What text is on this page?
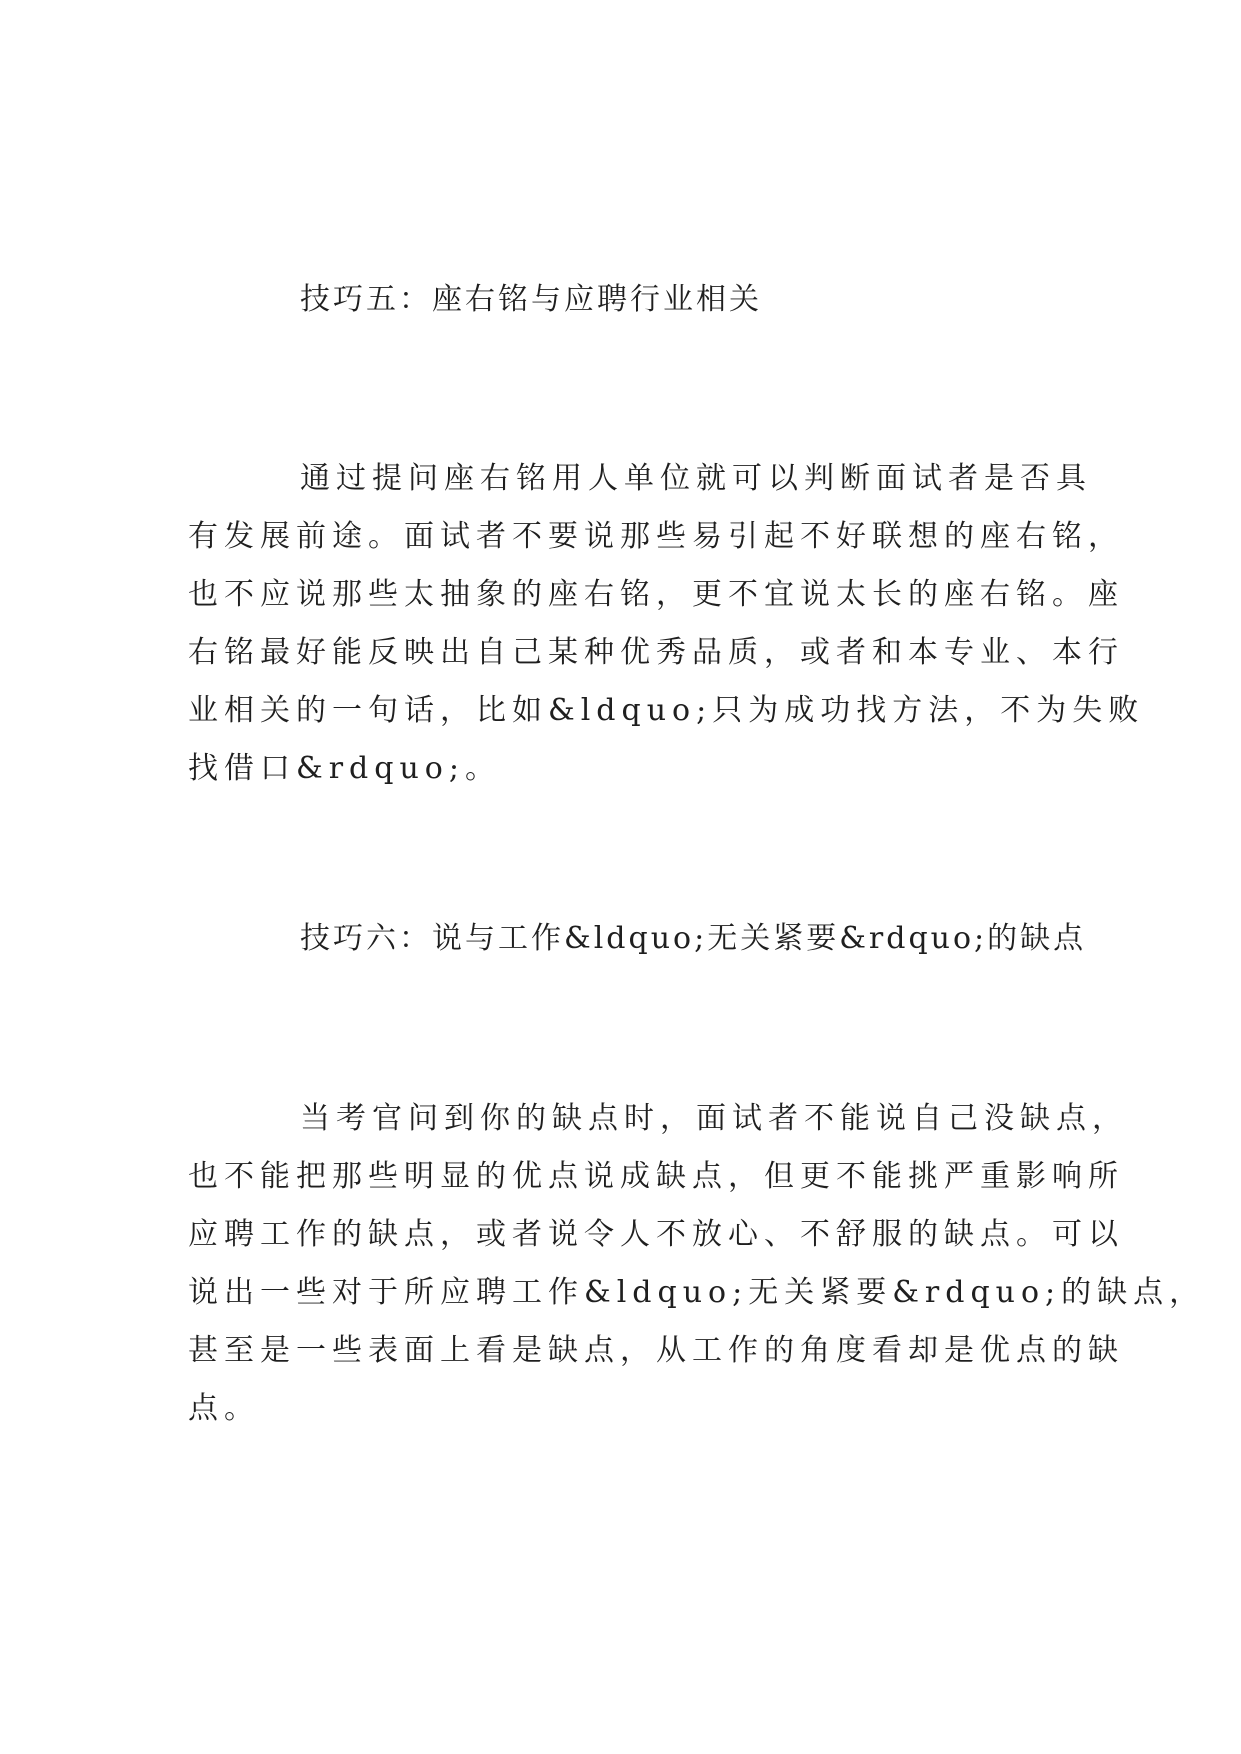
技巧五：座右铭与应聘行业相关
通过提问座右铭用人单位就可以判断面试者是否具
有发展前途。面试者不要说那些易引起不好联想的座右铭，
也不应说那些太抽象的座右铭，更不宜说太长的座右铭。座
右铭最好能反映出自己某种优秀品质，或者和本专业、本行
业相关的一句话，比如&ldquo;只为成功找方法，不为失败
找借口&rdquo;。
技巧六：说与工作&ldquo;无关紧要&rdquo;的缺点
当考官问到你的缺点时，面试者不能说自己没缺点，
也不能把那些明显的优点说成缺点，但更不能挑严重影响所
应聘工作的缺点，或者说令人不放心、不舒服的缺点。可以
说出一些对于所应聘工作&ldquo;无关紧要&rdquo;的缺点，
甚至是一些表面上看是缺点，从工作的角度看却是优点的缺
点。
